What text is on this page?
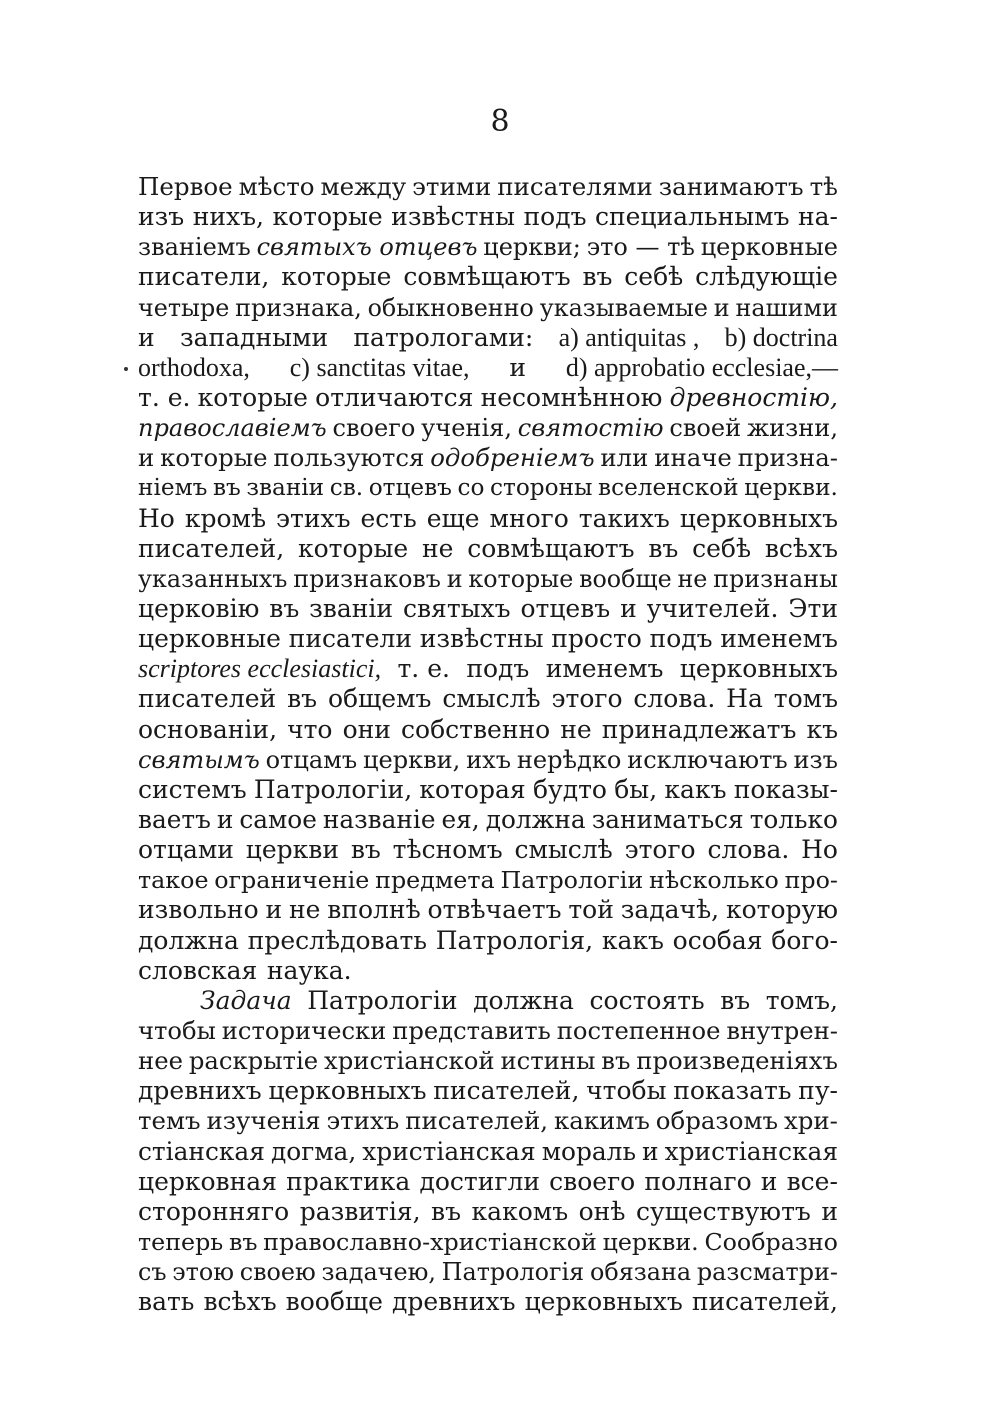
8
Первое мѣсто между этими писателями занимаютъ тѣ
изъ нихъ, которые извѣстны подъ специальнымъ на-
званiемъ святыхъ отцевъ церкви; это — тѣ церковные
писатели, которые совмѣщаютъ въ себѣ слѣдующiе
четыре признака, обыкновенно указываемые и нашими
и западными патрологами: а) antiquitas , b) doctrina
orthodoxa, с) sanctitas vitae, и d) approbatio ecclesiae,—
т. е. которые отличаются несомнѣнною древностiю,
православiемъ своего ученiя, святостiю своей жизни,
и которые пользуются одобренiемъ или иначе призна-
нiемъ въ званiи св. отцевъ со стороны вселенской церкви.
Но кромѣ этихъ есть еще много такихъ церковныхъ
писателей, которые не совмѣщаютъ въ себѣ всѣхъ
указанныхъ признаковъ и которые вообще не признаны
церковiю въ званiи святыхъ отцевъ и учителей. Эти
церковные писатели извѣстны просто подъ именемъ
scriptores ecclesiastici, т. е. подъ именемъ церковныхъ
писателей въ общемъ смыслѣ этого слова. На томъ
основанiи, что они собственно не принадлежатъ къ
святымъ отцамъ церкви, ихъ нерѣдко исключаютъ изъ
системъ Патрологiи, которая будто бы, какъ показы-
ваетъ и самое названiе ея, должна заниматься только
отцами церкви въ тѣсномъ смыслѣ этого слова. Но
такое ограниченiе предмета Патрологiи нѣсколько про-
извольно и не вполнѣ отвѣчаетъ той задачѣ, которую
должна преслѣдовать Патрологiя, какъ особая бого-
словская наука.
Задача Патрологiи должна состоять въ томъ,
чтобы исторически представить постепенное внутрен-
нее раскрытiе христiанской истины въ произведенiяхъ
древнихъ церковныхъ писателей, чтобы показать пу-
темъ изученiя этихъ писателей, какимъ образомъ хри-
стiанская догма, христiанская мораль и христiанская
церковная практика достигли своего полнаго и все-
сторонняго развитiя, въ какомъ онѣ существуютъ и
теперь въ православно-христiанской церкви. Сообразно
съ этою своею задачею, Патрологiя обязана разсматри-
вать всѣхъ вообще древнихъ церковныхъ писателей,
